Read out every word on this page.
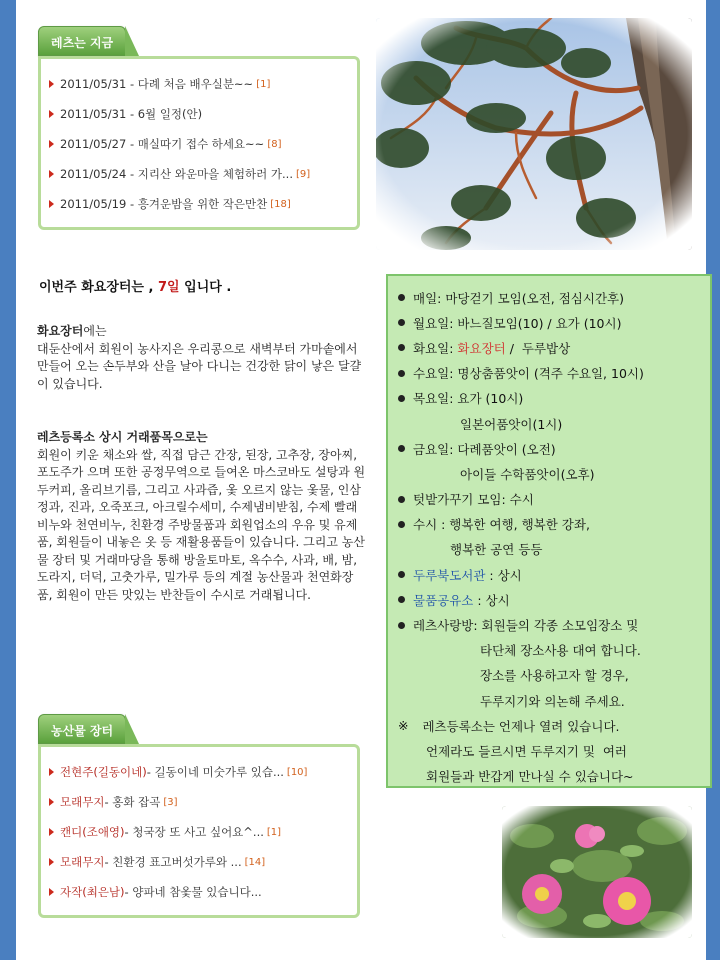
레츠는 지금
2011/05/31 - 다례 처음 배우실분~~ [1]
2011/05/31 - 6월 일정(안)
2011/05/27 - 매실따기 접수 하세요~~ [8]
2011/05/24 - 지리산 와운마을 체험하러 가... [9]
2011/05/19 - 흥겨운밤을 위한 작은만찬 [18]
이번주 화요장터는 , 7일 입니다 .
화요장터에는
대둔산에서 회원이 농사지은 우리콩으로 새벽부터 가마솥에서 만들어 오는 손두부와 산을 날아 다니는 건강한 닭이 낳은 달걀이 있습니다.
레츠등록소 상시 거래품목으로는
회원이 키운 채소와 쌀, 직접 담근 간장, 된장, 고추장, 장아찌, 포도주가 으며 또한 공정무역으로 들여온 마스코바도 설탕과 원두커피, 올리브기름, 그리고 사과즙, 옻 오르지 않는 옻물, 인삼정과, 진과, 오죽포크, 아크릴수세미, 수제냄비받침, 수제 빨래비누와 천연비누, 친환경 주방물품과 회원업소의 우유 및 유제품, 회원들이 내놓은 옷 등 재활용품들이 있습니다. 그리고 농산물 장터 및 거래마당을 통해 방울토마토, 옥수수, 사과, 배, 밤, 도라지, 더덕, 고춧가루, 밀가루 등의 계절 농산물과 천연화장품, 회원이 만든 맛있는 반찬들이 수시로 거래됩니다.
매일: 마당걷기 모임(오전, 점심시간후)
월요일: 바느질모임(10) / 요가 (10시)
화요일: 화요장터 /  두루밥상
수요일: 명상춤품앗이 (격주 수요일, 10시)
목요일: 요가 (10시)
일본어품앗이(1시)
금요일: 다례품앗이 (오전)
아이들 수학품앗이(오후)
텃밭가꾸기 모임: 수시
수시 : 행복한 여행, 행복한 강좌,
행복한 공연 등등
두루북도서관 : 상시
물품공유소 : 상시
레츠사랑방: 회원들의 각종 소모임장소 및
타단체 장소사용 대여 합니다.
장소를 사용하고자 할 경우,
두루지기와 의논해 주세요.
※ 레츠등록소는 언제나 열려 있습니다.
언제라도 들르시면 두루지기 및  여러
회원들과 반갑게 만나실 수 있습니다~
농산물 장터
전현주(길동이네) - 길동이네 미숫가루 있습... [10]
모래무지 - 홍화 잡곡 [3]
캔디(조애영) - 청국장 또 사고 싶어요^... [1]
모래무지 - 친환경 표고버섯가루와 ... [14]
자작(최은남) - 양파네 참옻물 있습니다...
